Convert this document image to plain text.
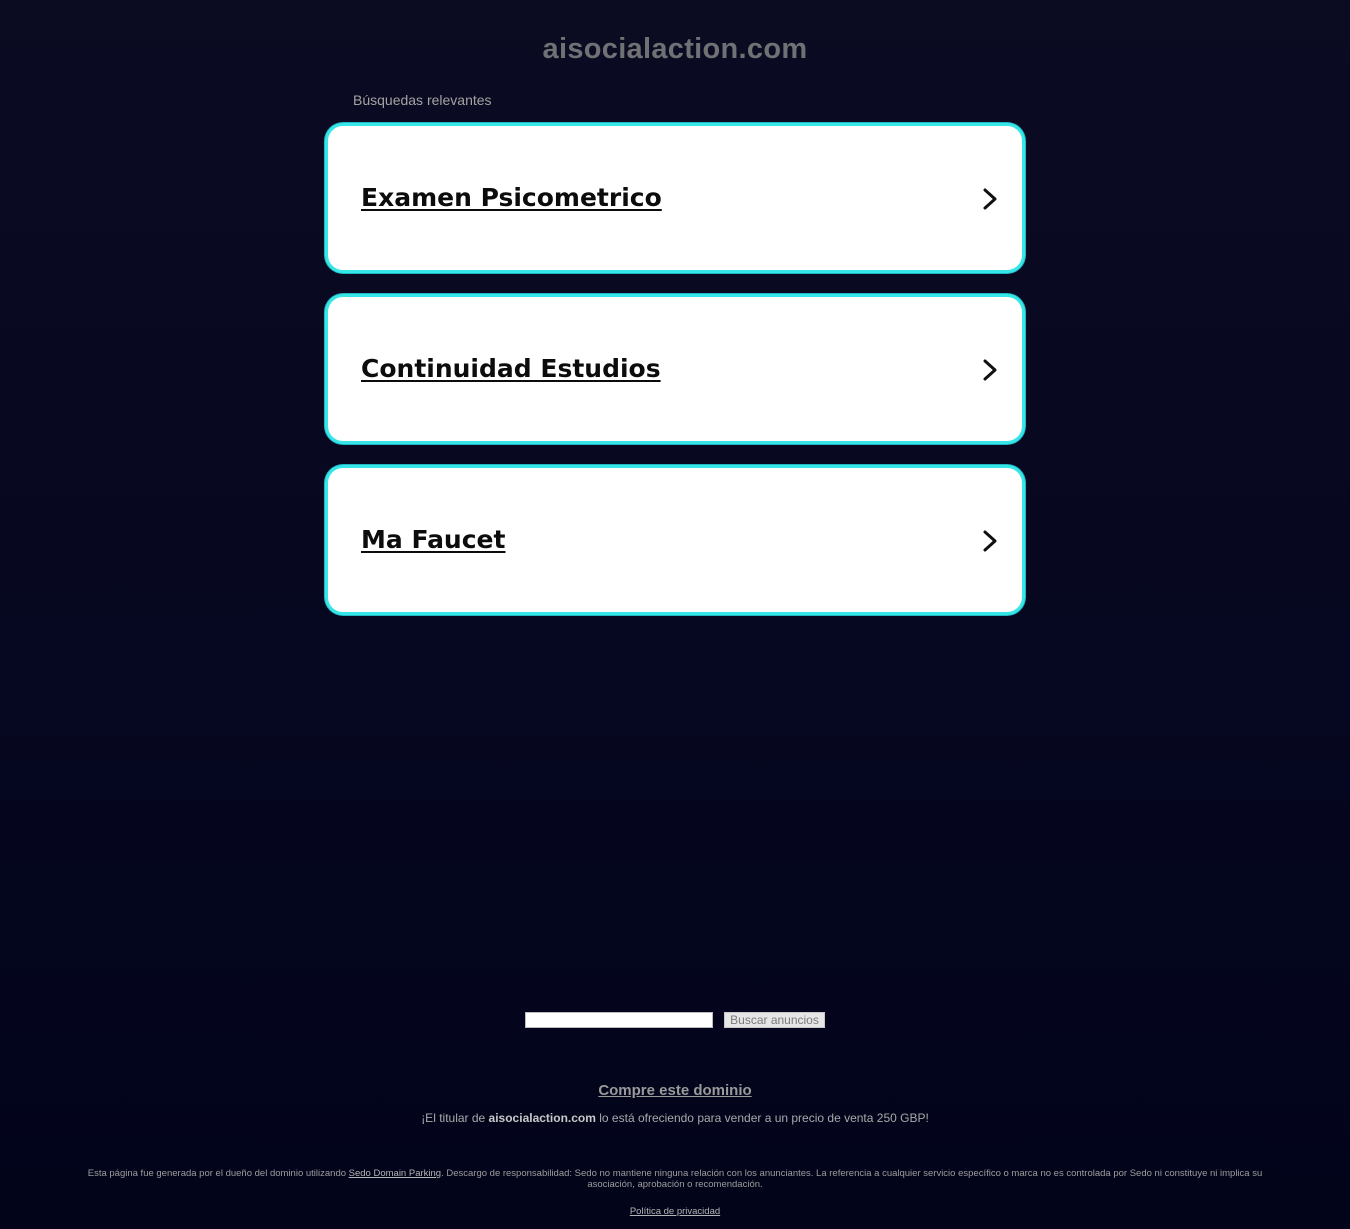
aisocialaction.com
Búsquedas relevantes
Examen Psicometrico
Continuidad Estudios
Ma Faucet
Buscar anuncios
Compre este dominio
¡El titular de aisocialaction.com lo está ofreciendo para vender a un precio de venta 250 GBP!
Esta página fue generada por el dueño del dominio utilizando Sedo Domain Parking. Descargo de responsabilidad: Sedo no mantiene ninguna relación con los anunciantes. La referencia a cualquier servicio específico o marca no es controlada por Sedo ni constituye ni implica su asociación, aprobación o recomendación.
Política de privacidad
